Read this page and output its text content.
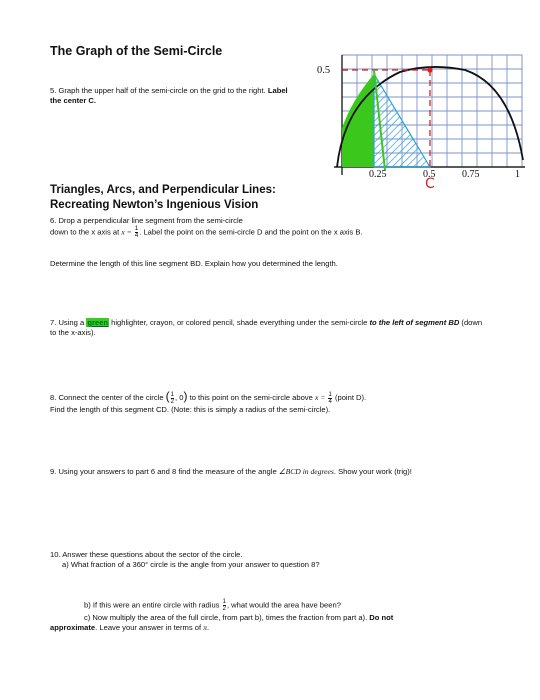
The Graph of the Semi-Circle
5. Graph the upper half of the semi-circle on the grid to the right. Label the center C.
Triangles, Arcs, and Perpendicular Lines:
Recreating Newton’s Ingenious Vision
6. Drop a perpendicular line segment from the semi-circle
down to the x axis at $x = \frac{1}{4}$ . Label the point on the semi-circle D and the point on the x axis B.
Determine the length of this line segment BD. Explain how you determined the length.
7. Using a green highlighter, crayon, or colored pencil, shade everything under the semi-circle to the left of segment BD (down to the x-axis).
8. Connect the center of the circle ( $\frac{1}{2}$ , 0) to this point on the semi-circle above $x = \frac{1}{4}$ (point D).
Find the length of this segment CD. (Note: this is simply a radius of the semi-circle).
9. Using your answers to part 6 and 8 find the measure of the angle ∠BCD in degrees. Show your work (trig)!
10. Answer these questions about the sector of the circle.
a) What fraction of a 360° circle is the angle from your answer to question 8?
b) If this were an entire circle with radius $\frac{1}{2}$ , what would the area have been?
c) Now multiply the area of the full circle, from part b), times the fraction from part a). Do not
approximate. Leave your answer in terms of π.
D
0.5
0.25	0.5	0.75	1
C
